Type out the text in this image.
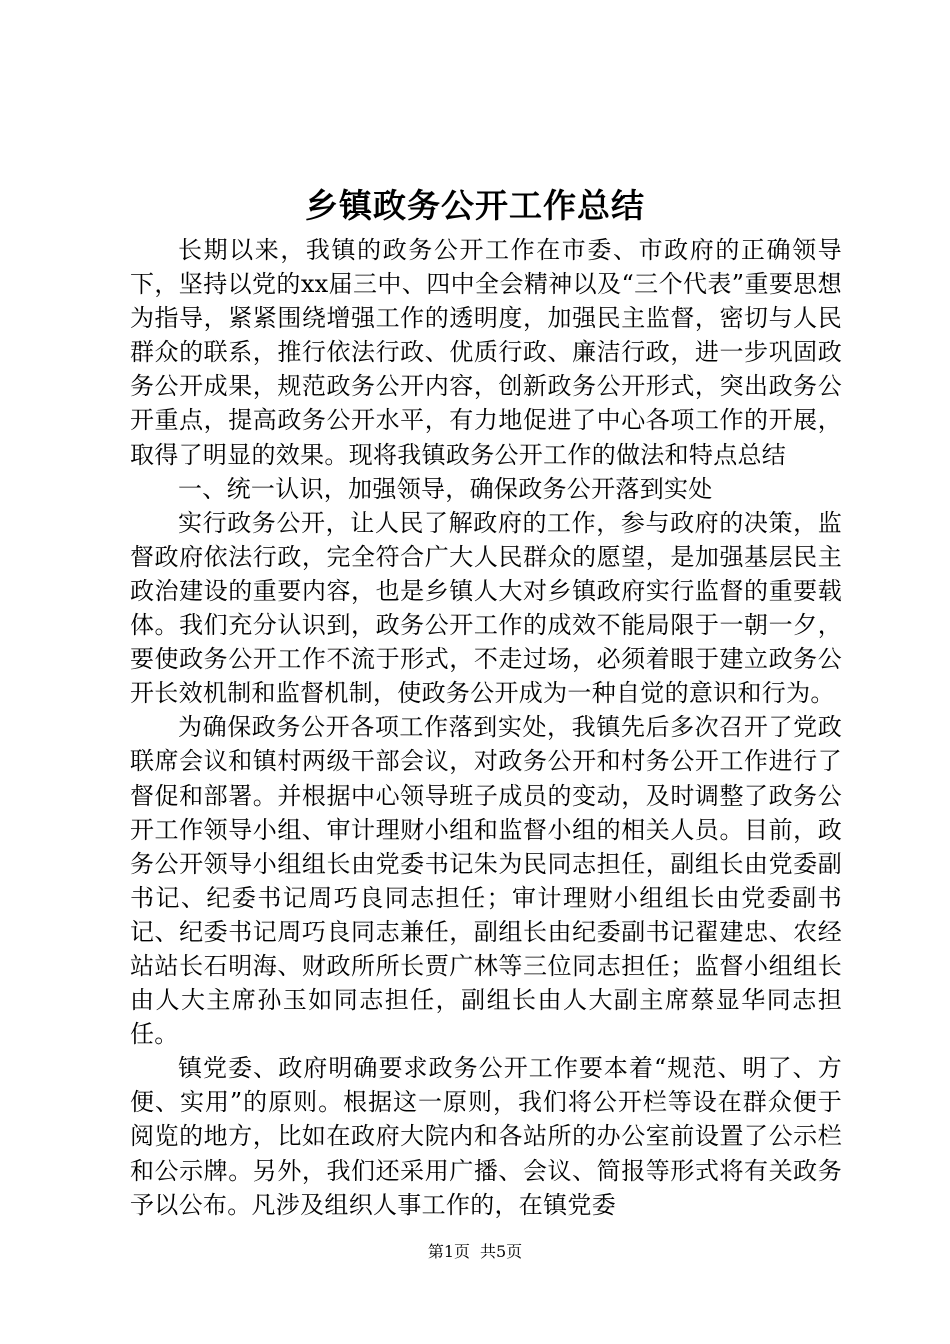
乡镇政务公开工作总结

长期以来，我镇的政务公开工作在市委、市政府的正确领导下，坚持以党的xx届三中、四中全会精神以及“三个代表”重要思想为指导，紧紧围绕增强工作的透明度，加强民主监督，密切与人民群众的联系，推行依法行政、优质行政、廉洁行政，进一步巩固政务公开成果，规范政务公开内容，创新政务公开形式，突出政务公开重点，提高政务公开水平，有力地促进了中心各项工作的开展，取得了明显的效果。现将我镇政务公开工作的做法和特点总结

一、统一认识，加强领导，确保政务公开落到实处

实行政务公开，让人民了解政府的工作，参与政府的决策，监督政府依法行政，完全符合广大人民群众的愿望，是加强基层民主政治建设的重要内容，也是乡镇人大对乡镇政府实行监督的重要载体。我们充分认识到，政务公开工作的成效不能局限于一朝一夕，要使政务公开工作不流于形式，不走过场，必须着眼于建立政务公开长效机制和监督机制，使政务公开成为一种自觉的意识和行为。

为确保政务公开各项工作落到实处，我镇先后多次召开了党政联席会议和镇村两级干部会议，对政务公开和村务公开工作进行了督促和部署。并根据中心领导班子成员的变动，及时调整了政务公开工作领导小组、审计理财小组和监督小组的相关人员。目前，政务公开领导小组组长由党委书记朱为民同志担任，副组长由党委副书记、纪委书记周巧良同志担任；审计理财小组组长由党委副书记、纪委书记周巧良同志兼任，副组长由纪委副书记翟建忠、农经站站长石明海、财政所所长贾广林等三位同志担任；监督小组组长由人大主席孙玉如同志担任，副组长由人大副主席蔡显华同志担任。

镇党委、政府明确要求政务公开工作要本着“规范、明了、方便、实用”的原则。根据这一原则，我们将公开栏等设在群众便于阅览的地方，比如在政府大院内和各站所的办公室前设置了公示栏和公示牌。另外，我们还采用广播、会议、简报等形式将有关政务予以公布。凡涉及组织人事工作的，在镇党委

第1页 共5页
